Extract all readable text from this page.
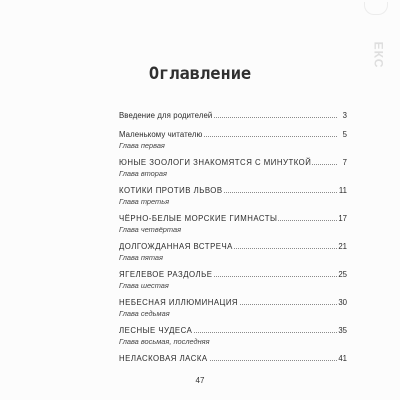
ЕКС
Оглавление
Введение для родителей	3
Маленькому читателю	5
Глава первая
ЮНЫЕ ЗООЛОГИ ЗНАКОМЯТСЯ С МИНУТКОЙ	7
Глава вторая
КОТИКИ ПРОТИВ ЛЬВОВ	11
Глава третья
ЧЁРНО-БЕЛЫЕ МОРСКИЕ ГИМНАСТЫ	17
Глава четвёртая
ДОЛГОЖДАННАЯ ВСТРЕЧА	21
Глава пятая
ЯГЕЛЕВОЕ РАЗДОЛЬЕ	25
Глава шестая
НЕБЕСНАЯ ИЛЛЮМИНАЦИЯ	30
Глава седьмая
ЛЕСНЫЕ ЧУДЕСА	35
Глава восьмая, последняя
НЕЛАСКОВАЯ ЛАСКА	41
47
